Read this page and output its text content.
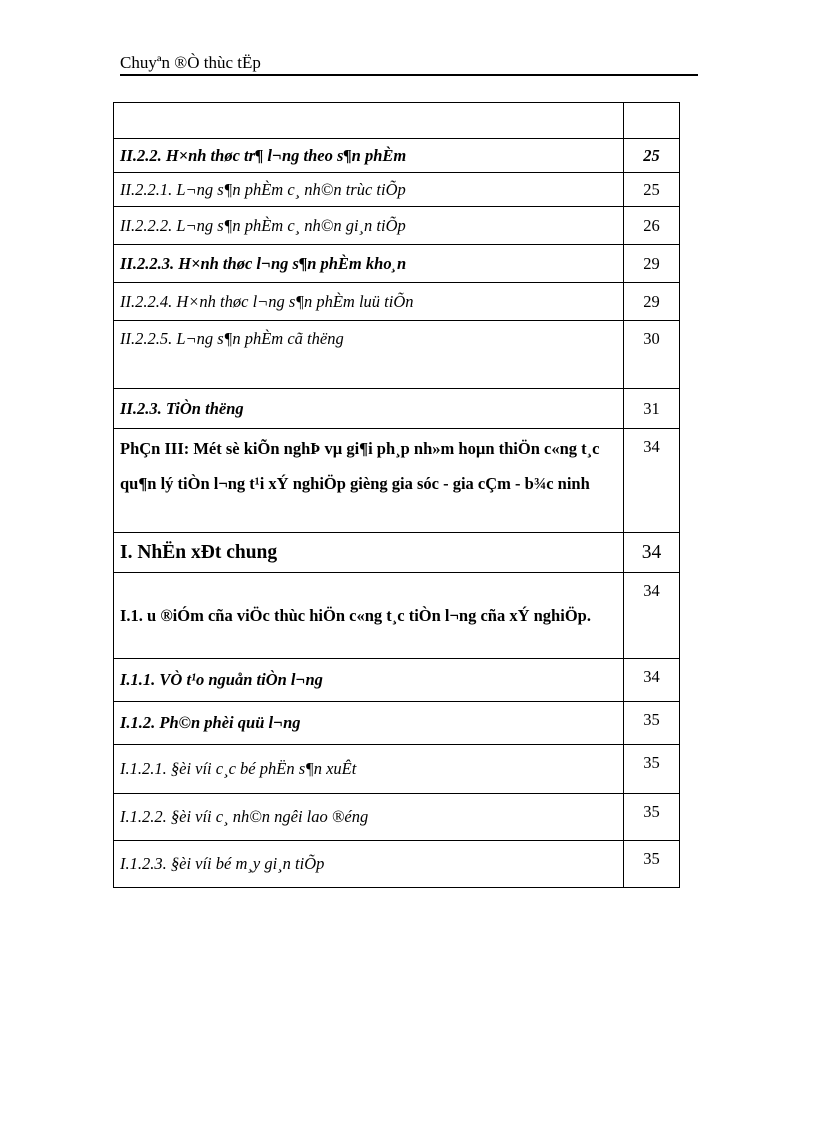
Chuyªn ®Ò thùc tËp

II.2.2. H×nh thøc tr¶ l¬ng theo s¶n phÈm	25
II.2.2.1. L¬ng s¶n phÈm c¸ nh©n trùc tiÕp	25
II.2.2.2. L¬ng s¶n phÈm c¸ nh©n gi¸n tiÕp	26
II.2.2.3. H×nh thøc l¬ng s¶n phÈm kho¸n	29
II.2.2.4. H×nh thøc l¬ng s¶n phÈm luü tiÕn	29
II.2.2.5. L¬ng s¶n phÈm cã thëng	30
II.2.3. TiÒn thëng	31
PhÇn III: Mét sè kiÕn nghÞ vµ gi¶i ph¸p nh»m hoµn thiÖn c«ng t¸c qu¶n lý tiÒn l¬ng t¹i xÝ nghiÖp gièng gia sóc - gia cÇm - b¾c ninh	34
I. NhËn xÐt chung	34
I.1. u ®iÓm cña viÖc thùc hiÖn c«ng t¸c tiÒn l¬ng cña xÝ nghiÖp.	34
I.1.1. VÒ t¹o nguån tiÒn l¬ng	34
I.1.2. Ph©n phèi quü l¬ng	35
I.1.2.1. §èi víi c¸c bé phËn s¶n xuÊt	35
I.1.2.2. §èi víi c¸ nh©n ngêi lao ®éng	35
I.1.2.3. §èi víi bé m¸y gi¸n tiÕp	35
